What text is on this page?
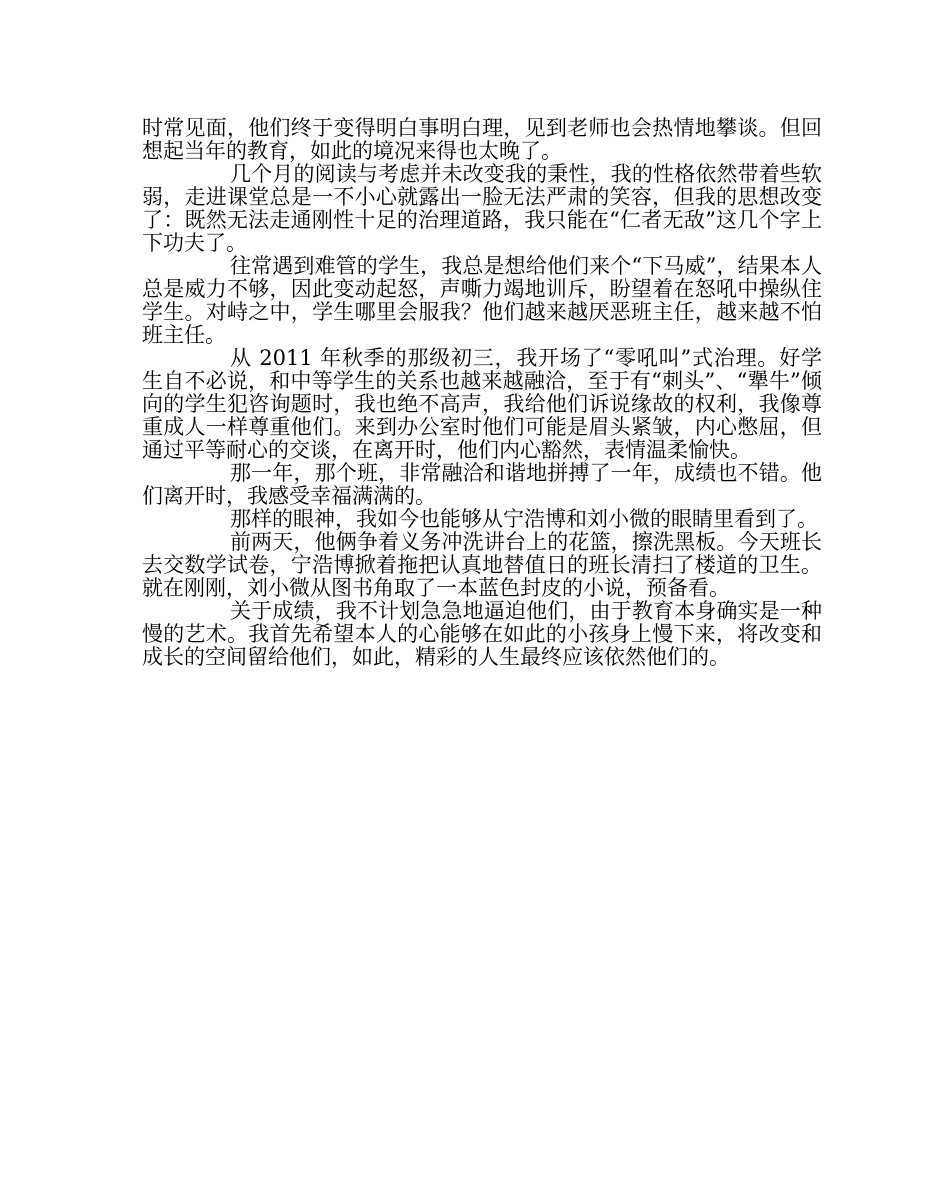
时常见面，他们终于变得明白事明白理，见到老师也会热情地攀谈。但回想起当年的教育，如此的境况来得也太晚了。

几个月的阅读与考虑并未改变我的秉性，我的性格依然带着些软弱，走进课堂总是一不小心就露出一脸无法严肃的笑容，但我的思想改变了：既然无法走通刚性十足的治理道路，我只能在“仁者无敌”这几个字上下功夫了。

往常遇到难管的学生，我总是想给他们来个“下马威”，结果本人总是威力不够，因此变动起怒，声嘶力竭地训斥，盼望着在怒吼中操纵住学生。对峙之中，学生哪里会服我？他们越来越厌恶班主任，越来越不怕班主任。

从 2011 年秋季的那级初三，我开场了“零吼叫”式治理。好学生自不必说，和中等学生的关系也越来越融洽，至于有“刺头”、“犟牛”倾向的学生犯咨询题时，我也绝不高声，我给他们诉说缘故的权利，我像尊重成人一样尊重他们。来到办公室时他们可能是眉头紧皱，内心憋屈，但通过平等耐心的交谈，在离开时，他们内心豁然，表情温柔愉快。

那一年，那个班，非常融洽和谐地拼搏了一年，成绩也不错。他们离开时，我感受幸福满满的。

那样的眼神，我如今也能够从宁浩博和刘小微的眼睛里看到了。

前两天，他俩争着义务冲洗讲台上的花篮，擦洗黑板。今天班长去交数学试卷，宁浩博掀着拖把认真地替值日的班长清扫了楼道的卫生。就在刚刚，刘小微从图书角取了一本蓝色封皮的小说，预备看。

关于成绩，我不计划急急地逼迫他们，由于教育本身确实是一种慢的艺术。我首先希望本人的心能够在如此的小孩身上慢下来，将改变和成长的空间留给他们，如此，精彩的人生最终应该依然他们的。
